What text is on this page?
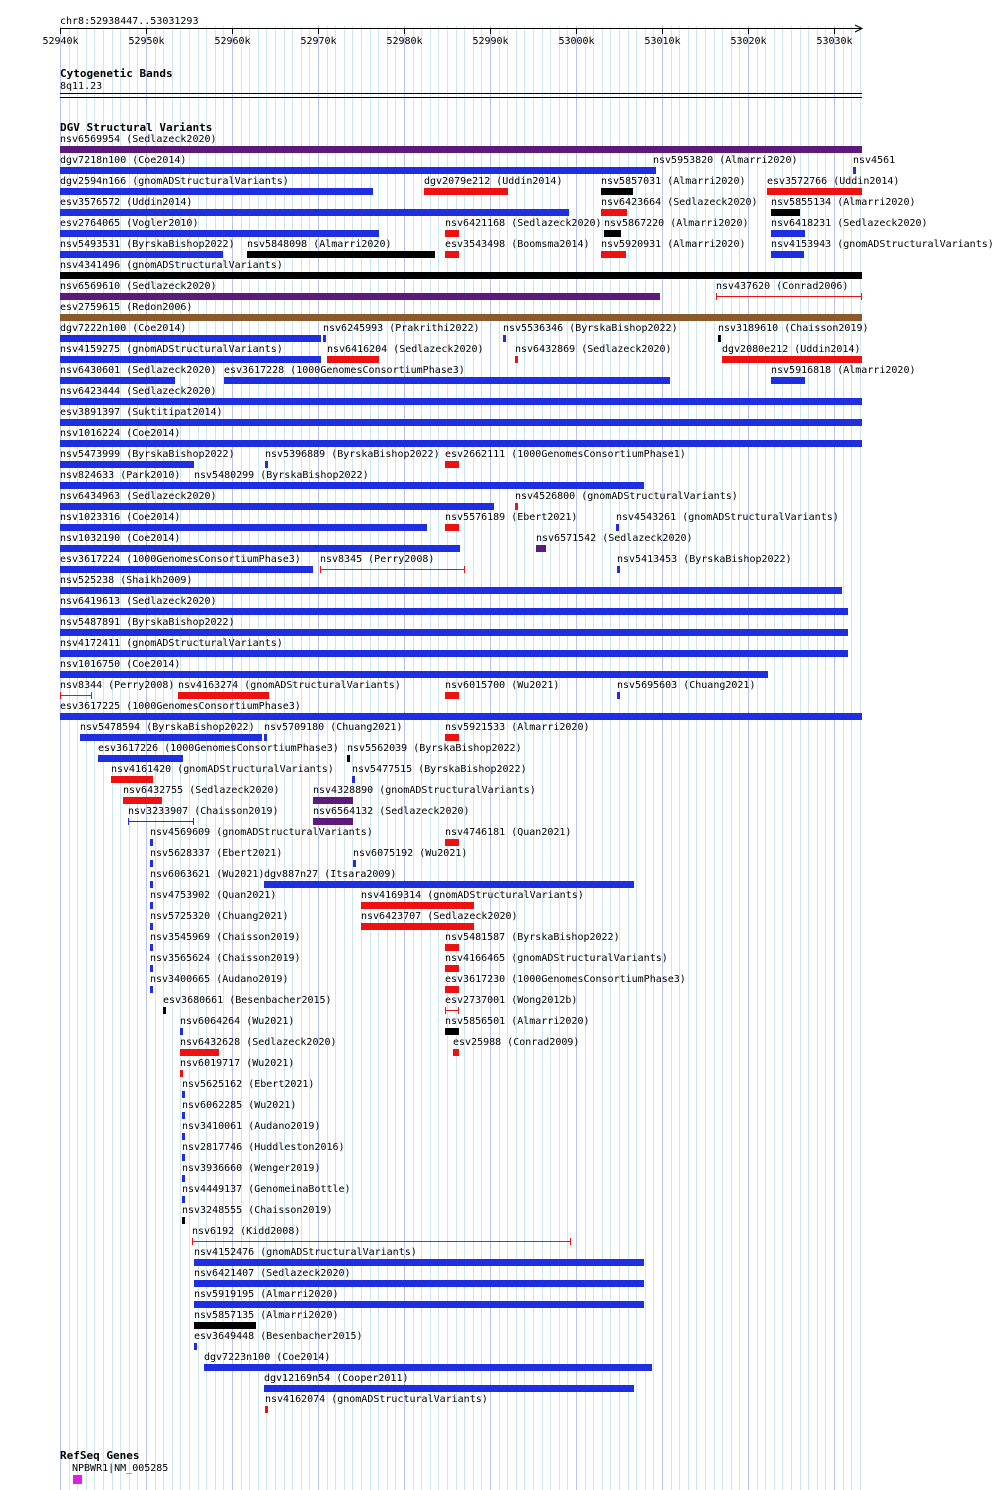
52940k	52950k	52960k	52970k	52980k	52990k	53000k	53010k	53020k	53030k
chr8:52938447..53031293
Cytogenetic Bands
8q11.23
DGV Structural Variants
nsv6569954 (Sedlazeck2020)
dgv7218n100 (Coe2014)	nsv5953820 (Almarri2020)	nsv4561
dgv2594n166 (gnomADStructuralVariants)	dgv2079e212 (Uddin2014)	nsv5857031 (Almarri2020) esv3572766 (Uddin2014)
esv3576572 (Uddin2014)	nsv6423664 (Sedlazeck2020) nsv5855134 (Almarri2020)
esv2764065 (Vogler2010)	nsv6421168 (Sedlazeck2020) nsv5867220 (Almarri2020) nsv6418231 (Sedlazeck2020)
nsv5493531 (ByrskaBishop2022) nsv5848098 (Almarri2020)	esv3543498 (Boomsma2014) nsv5920931 (Almarri2020)	nsv4153943 (gnomADStructuralVariants)
nsv4341496 (gnomADStructuralVariants)
nsv6569610 (Sedlazeck2020)	nsv437620 (Conrad2006)
esv2759615 (Redon2006)
dgv7222n100 (Coe2014)	nsv6245993 (Prakrithi2022) nsv5536346 (ByrskaBishop2022)	nsv3189610 (Chaisson2019)
nsv4159275 (gnomADStructuralVariants)	nsv6416204 (Sedlazeck2020)	nsv6432869 (Sedlazeck2020)	dgv2080e212 (Uddin2014)
nsv6430601 (Sedlazeck2020) esv3617228 (1000GenomesConsortiumPhase3)	nsv5916818 (Almarri2020)
nsv6423444 (Sedlazeck2020)
esv3891397 (Suktitipat2014)
nsv1016224 (Coe2014)
nsv5473999 (ByrskaBishop2022)	nsv5396889 (ByrskaBishop2022) esv2662111 (1000GenomesConsortiumPhase1)
nsv824633 (Park2010) nsv5480299 (ByrskaBishop2022)
nsv6434963 (Sedlazeck2020)	nsv4526800 (gnomADStructuralVariants)
nsv1023316 (Coe2014)	nsv5576189 (Ebert2021)	nsv4543261 (gnomADStructuralVariants)
nsv1032190 (Coe2014)	nsv6571542 (Sedlazeck2020)
esv3617224 (1000GenomesConsortiumPhase3) nsv8345 (Perry2008)	nsv5413453 (ByrskaBishop2022)
nsv525238 (Shaikh2009)
nsv6419613 (Sedlazeck2020)
nsv5487891 (ByrskaBishop2022)
nsv4172411 (gnomADStructuralVariants)
nsv1016750 (Coe2014)
nsv8344 (Perry2008) nsv4163274 (gnomADStructuralVariants)	nsv6015700 (Wu2021)	nsv5695603 (Chuang2021)
esv3617225 (1000GenomesConsortiumPhase3)
nsv5478594 (ByrskaBishop2022) nsv5709180 (Chuang2021)	nsv5921533 (Almarri2020)
esv3617226 (1000GenomesConsortiumPhase3) nsv5562039 (ByrskaBishop2022)
nsv4161420 (gnomADStructuralVariants) nsv5477515 (ByrskaBishop2022)
nsv6432755 (Sedlazeck2020)	nsv4328890 (gnomADStructuralVariants)
nsv3233907 (Chaisson2019)	nsv6564132 (Sedlazeck2020)
nsv4569609 (gnomADStructuralVariants)	nsv4746181 (Quan2021)
nsv5628337 (Ebert2021)	nsv6075192 (Wu2021)
nsv6063621 (Wu2021) dgv887n27 (Itsara2009)
nsv4753902 (Quan2021)	nsv4169314 (gnomADStructuralVariants)
nsv5725320 (Chuang2021)	nsv6423707 (Sedlazeck2020)
nsv3545969 (Chaisson2019)	nsv5481587 (ByrskaBishop2022)
nsv3565624 (Chaisson2019)	nsv4166465 (gnomADStructuralVariants)
nsv3400665 (Audano2019)	esv3617230 (1000GenomesConsortiumPhase3)
esv3680661 (Besenbacher2015)	esv2737001 (Wong2012b)
nsv6064264 (Wu2021)	nsv5856501 (Almarri2020)
nsv6432628 (Sedlazeck2020)	esv25988 (Conrad2009)
nsv6019717 (Wu2021)
nsv5625162 (Ebert2021)
nsv6062285 (Wu2021)
nsv3410061 (Audano2019)
nsv2817746 (Huddleston2016)
nsv3936660 (Wenger2019)
nsv4449137 (GenomeinaBottle)
nsv3248555 (Chaisson2019)
nsv6192 (Kidd2008)
nsv4152476 (gnomADStructuralVariants)
nsv6421407 (Sedlazeck2020)
nsv5919195 (Almarri2020)
nsv5857135 (Almarri2020)
esv3649448 (Besenbacher2015)
dgv7223n100 (Coe2014)
dgv12169n54 (Cooper2011)
nsv4162074 (gnomADStructuralVariants)
RefSeq Genes
NPBWR1|NM_005285
